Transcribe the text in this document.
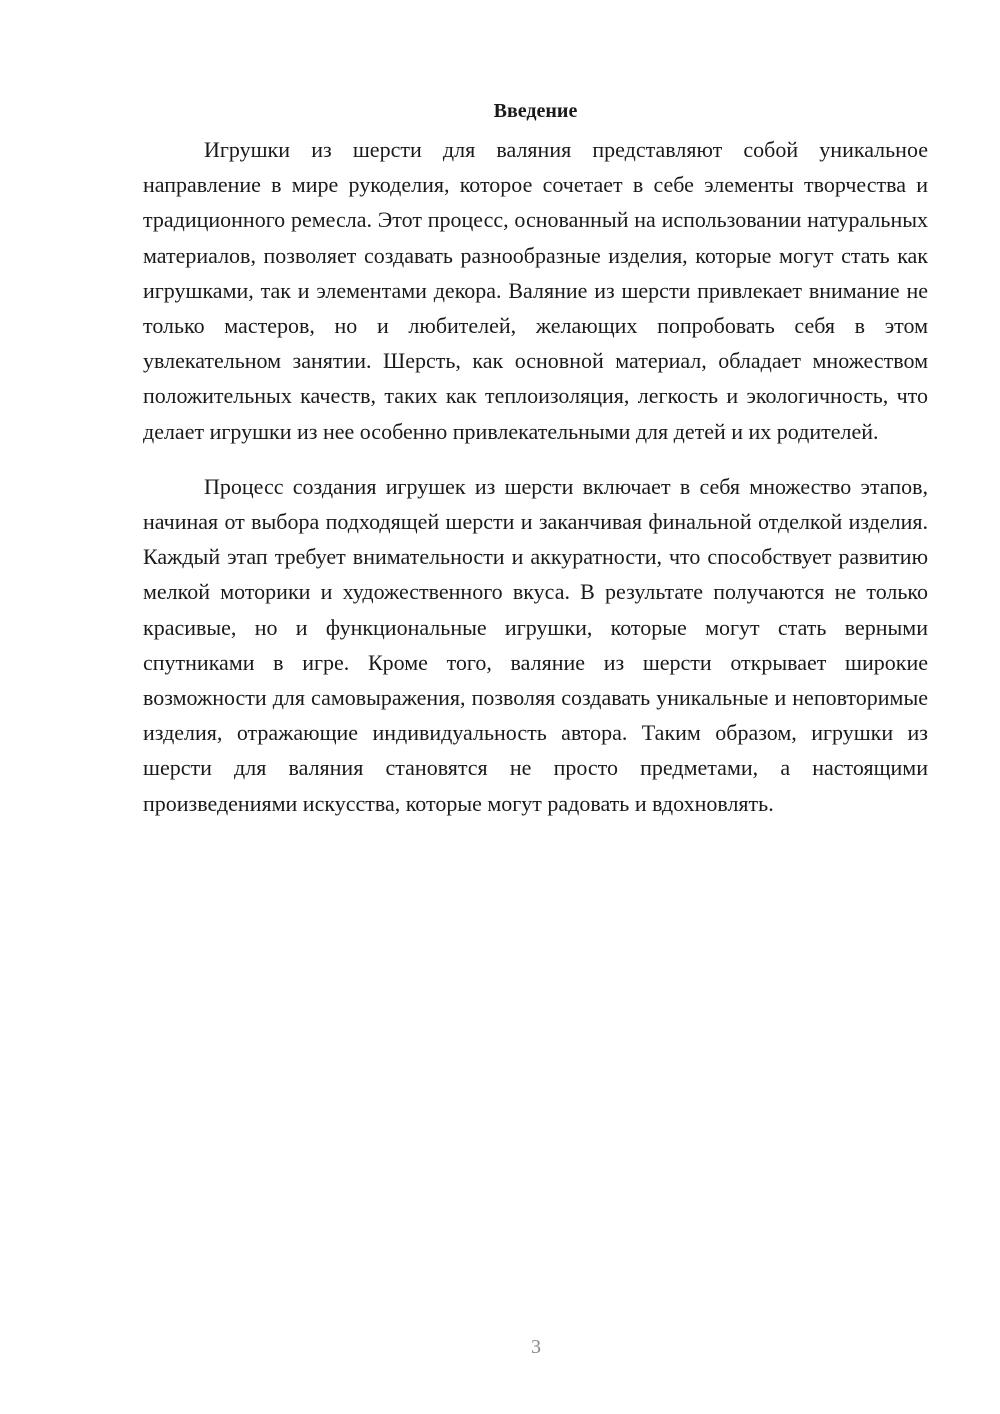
Введение

Игрушки из шерсти для валяния представляют собой уникальное направление в мире рукоделия, которое сочетает в себе элементы творчества и традиционного ремесла. Этот процесс, основанный на использовании натуральных материалов, позволяет создавать разнообразные изделия, которые могут стать как игрушками, так и элементами декора. Валяние из шерсти привлекает внимание не только мастеров, но и любителей, желающих попробовать себя в этом увлекательном занятии. Шерсть, как основной материал, обладает множеством положительных качеств, таких как теплоизоляция, легкость и экологичность, что делает игрушки из нее особенно привлекательными для детей и их родителей.

Процесс создания игрушек из шерсти включает в себя множество этапов, начиная от выбора подходящей шерсти и заканчивая финальной отделкой изделия. Каждый этап требует внимательности и аккуратности, что способствует развитию мелкой моторики и художественного вкуса. В результате получаются не только красивые, но и функциональные игрушки, которые могут стать верными спутниками в игре. Кроме того, валяние из шерсти открывает широкие возможности для самовыражения, позволяя создавать уникальные и неповторимые изделия, отражающие индивидуальность автора. Таким образом, игрушки из шерсти для валяния становятся не просто предметами, а настоящими произведениями искусства, которые могут радовать и вдохновлять.

3
